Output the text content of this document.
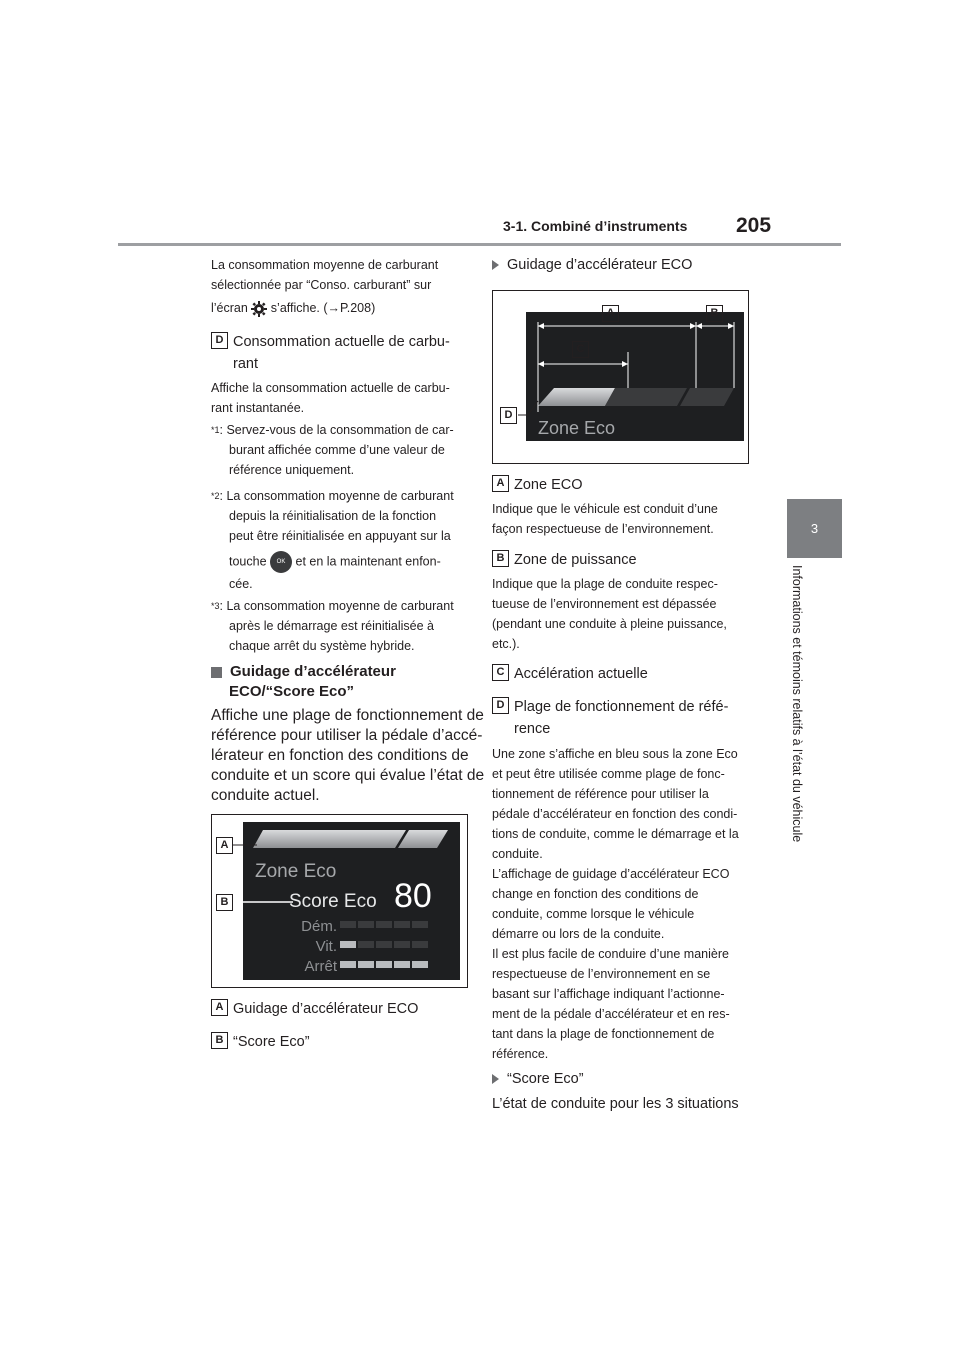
3-1. Combiné d’instruments 205
3
Informations et témoins relatifs à l’état du véhicule
La consommation moyenne de carburant
sélectionnée par “Conso. carburant” sur
l’écran s’affiche. (→P.208)
D Consommation actuelle de carbu-
rant
Affiche la consommation actuelle de carbu-
rant instantanée.
$^{*1}$: Servez-vous de la consommation de car-
burant affichée comme d’une valeur de
référence uniquement.
$^{*2}$: La consommation moyenne de carburant
depuis la réinitialisation de la fonction
peut être réinitialisée en appuyant sur la
touche OK et en la maintenant enfon-
cée.
$^{*3}$: La consommation moyenne de carburant
après le démarrage est réinitialisée à
chaque arrêt du système hybride.
Guidage d’accélérateur
ECO/“Score Eco”
Affiche une plage de fonctionnement de
référence pour utiliser la pédale d’accé-
lérateur en fonction des conditions de
conduite et un score qui évalue l’état de
conduite actuel.
Zone Eco
Score Eco 80
Dém.
Vit.
Arrêt
A
B
A Guidage d’accélérateur ECO
B “Score Eco”
Guidage d’accélérateur ECO
Zone Eco
A	B
C
D
A Zone ECO
Indique que le véhicule est conduit d’une
façon respectueuse de l’environnement.
B Zone de puissance
Indique que la plage de conduite respec-
tueuse de l’environnement est dépassée
(pendant une conduite à pleine puissance,
etc.).
C Accélération actuelle
D Plage de fonctionnement de réfé-
rence
Une zone s’affiche en bleu sous la zone Eco
et peut être utilisée comme plage de fonc-
tionnement de référence pour utiliser la
pédale d’accélérateur en fonction des condi-
tions de conduite, comme le démarrage et la
conduite.
L’affichage de guidage d’accélérateur ECO
change en fonction des conditions de
conduite, comme lorsque le véhicule
démarre ou lors de la conduite.
Il est plus facile de conduire d’une manière
respectueuse de l’environnement en se
basant sur l’affichage indiquant l’actionne-
ment de la pédale d’accélérateur et en res-
tant dans la plage de fonctionnement de
référence.
“Score Eco”
L’état de conduite pour les 3 situations
